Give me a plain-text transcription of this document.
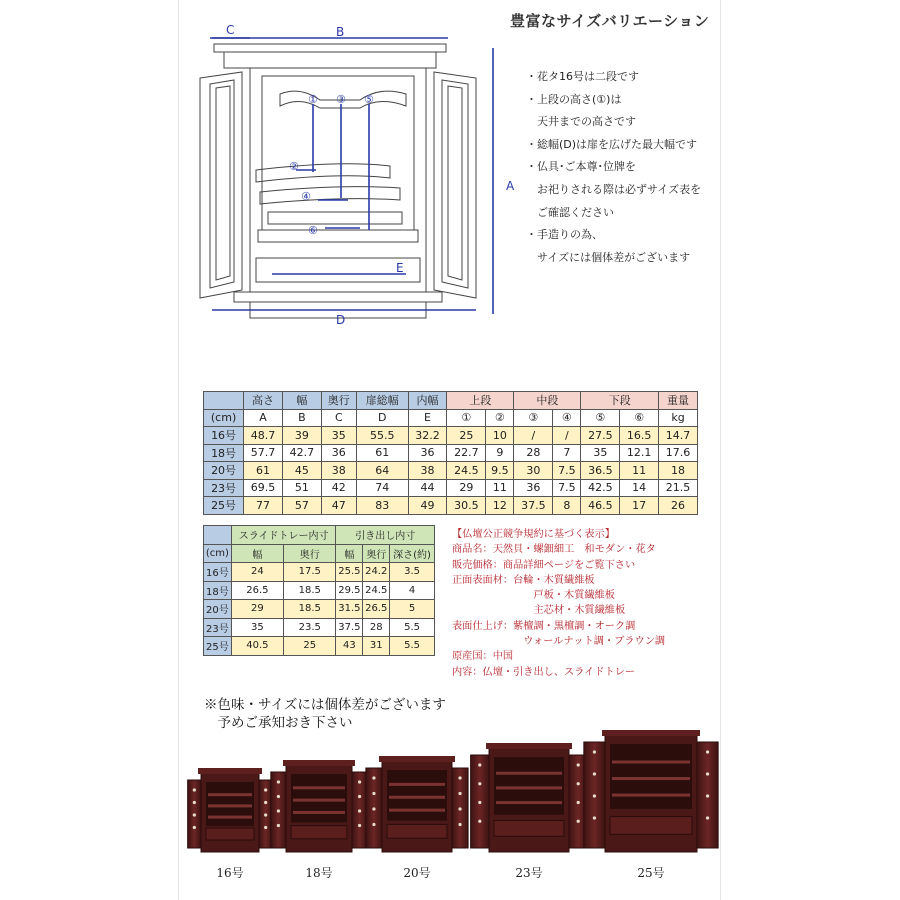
豊富なサイズバリエーション
C	B
A
E
D
① ③ ⑤
②
④
⑥
・花タ16号は二段です
・上段の高さ(①)は
　天井までの高さです
・総幅(D)は扉を広げた最大幅です
・仏具･ご本尊･位牌を
　お祀りされる際は必ずサイズ表を
　ご確認ください
・手造りの為、
　サイズには個体差がございます
	高さ	幅	奥行	扉総幅	内幅	上段		中段		下段		重量
(cm)	A	B	C	D	E	①	②	③	④	⑤	⑥	kg
16号	48.7	39	35	55.5	32.2	25	10	/	/	27.5	16.5	14.7
18号	57.7	42.7	36	61	36	22.7	9	28	7	35	12.1	17.6
20号	61	45	38	64	38	24.5	9.5	30	7.5	36.5	11	18
23号	69.5	51	42	74	44	29	11	36	7.5	42.5	14	21.5
25号	77	57	47	83	49	30.5	12	37.5	8	46.5	17	26
	スライドトレー内寸		引き出し内寸		
(cm)	幅	奥行	幅	奥行	深さ(約)
16号	24	17.5	25.5	24.2	3.5
18号	26.5	18.5	29.5	24.5	4
20号	29	18.5	31.5	26.5	5
23号	35	23.5	37.5	28	5.5
25号	40.5	25	43	31	5.5
【仏壇公正競争規約に基づく表示】
商品名：天然貝・螺鈿細工　和モダン・花タ
販売価格：商品詳細ページをご覧下さい
正面表面材：台輪・木質繊維板
　　　　　　　　戸板・木質繊維板
　　　　　　　　主芯材・木質繊維板
表面仕上げ：紫檀調・黒檀調・オーク調
　　　　　　　ウォールナット調・ブラウン調
原産国：中国
内容：仏壇・引き出し、スライドトレー
※色味・サイズには個体差がございます
　予めご承知おき下さい
16号	18号	20号	23号	25号
